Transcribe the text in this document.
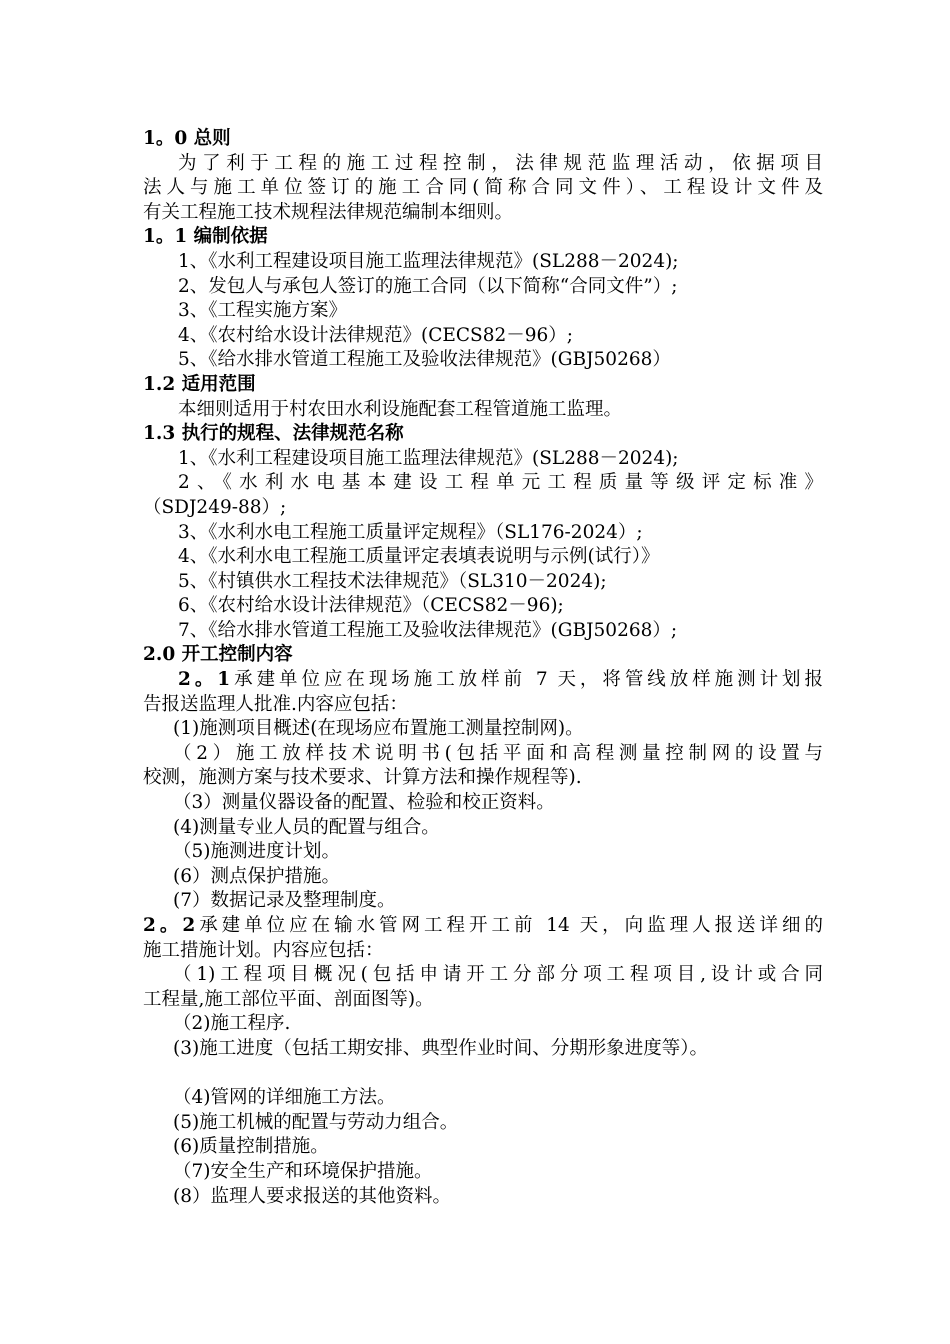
1。0 总则
为了利于工程的施工过程控制，法律规范监理活动，依据项目
法人与施工单位签订的施工合同(简称合同文件）、工程设计文件及
有关工程施工技术规程法律规范编制本细则。
1。1 编制依据
1、《水利工程建设项目施工监理法律规范》(SL288－2024);
2、发包人与承包人签订的施工合同（以下简称“合同文件”）;
3、《工程实施方案》
4、《农村给水设计法律规范》(CECS82－96）;
5、《给水排水管道工程施工及验收法律规范》(GBJ50268）
1.2 适用范围
本细则适用于村农田水利设施配套工程管道施工监理。
1.3 执行的规程、法律规范名称
1、《水利工程建设项目施工监理法律规范》(SL288－2024);
2、《水利水电基本建设工程单元工程质量等级评定标准》
（SDJ249-88）;
3、《水利水电工程施工质量评定规程》（SL176-2024）;
4、《水利水电工程施工质量评定表填表说明与示例(试行）》
5、《村镇供水工程技术法律规范》（SL310－2024);
6、《农村给水设计法律规范》（CECS82－96);
7、《给水排水管道工程施工及验收法律规范》(GBJ50268）;
2.0 开工控制内容
2。1承建单位应在现场施工放样前 7 天，将管线放样施测计划报
告报送监理人批准.内容应包括：
(1)施测项目概述(在现场应布置施工测量控制网)。
（2）施工放样技术说明书(包括平面和高程测量控制网的设置与
校测，施测方案与技术要求、计算方法和操作规程等).
（3）测量仪器设备的配置、检验和校正资料。
(4)测量专业人员的配置与组合。
（5)施测进度计划。
(6）测点保护措施。
(7）数据记录及整理制度。
2。2承建单位应在输水管网工程开工前 14 天，向监理人报送详细的
施工措施计划。内容应包括：
（1)工程项目概况(包括申请开工分部分项工程项目,设计或合同
工程量,施工部位平面、剖面图等)。
（2)施工程序.
(3)施工进度（包括工期安排、典型作业时间、分期形象进度等）。
（4)管网的详细施工方法。
(5)施工机械的配置与劳动力组合。
(6)质量控制措施。
（7)安全生产和环境保护措施。
(8）监理人要求报送的其他资料。
